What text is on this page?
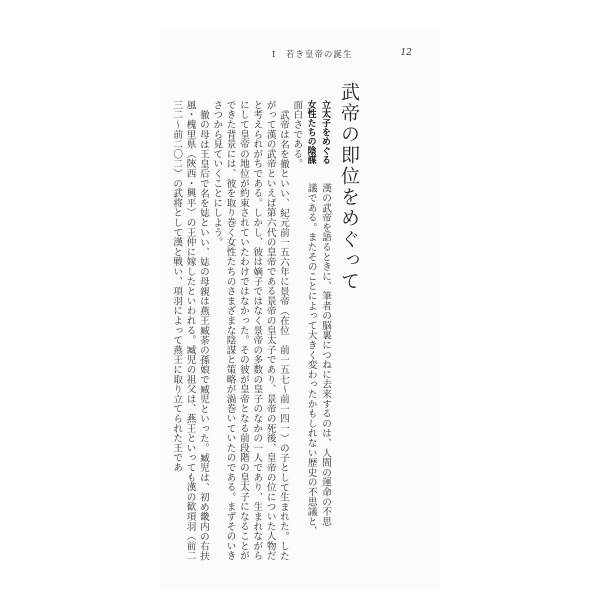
Ⅰ　若き皇帝の誕生	12
武帝の即位をめぐって

立太子をめぐる　漢の武帝を語るときに、筆者の脳裏につねに去来するのは、人間の運命の不思

女性たちの陰謀　議である。またそのことによって大きく変わったかもしれない歴史の不思議と、

面白さである。

武帝は名を徹といい、紀元前一五六年に景帝（在位　前一五七～前一四一）の子として生まれた。したがって漢の武帝といえば第六代の皇帝である景帝の皇太子であり、景帝の死後、皇帝の位についた人物だと考えられがちである。しかし、彼は嫡子ではなく景帝の多数の皇子のなかの一人であり、生まれながらにして皇帝の地位が約束されていたわけではなかった。その彼が皇帝となる前段階の皇太子になることができた背景には、彼を取り巻く女性たちのさまざまな陰謀と策略が渦巻いていたのである。まずそのいきさつから見ていくことにしよう。

徹の母は王皇后で名を娡といい、娡の母親は燕王臧荼の孫娘で臧児といった。臧児は、初め畿内の右扶風・槐里県（陝西・興平）の王仲に嫁したといわれる。臧児の祖父は、燕王といっても漢の歓項羽（前二三二～前二〇二）の武将として漢と戦い、項羽によって燕王に取り立てられた王であ
